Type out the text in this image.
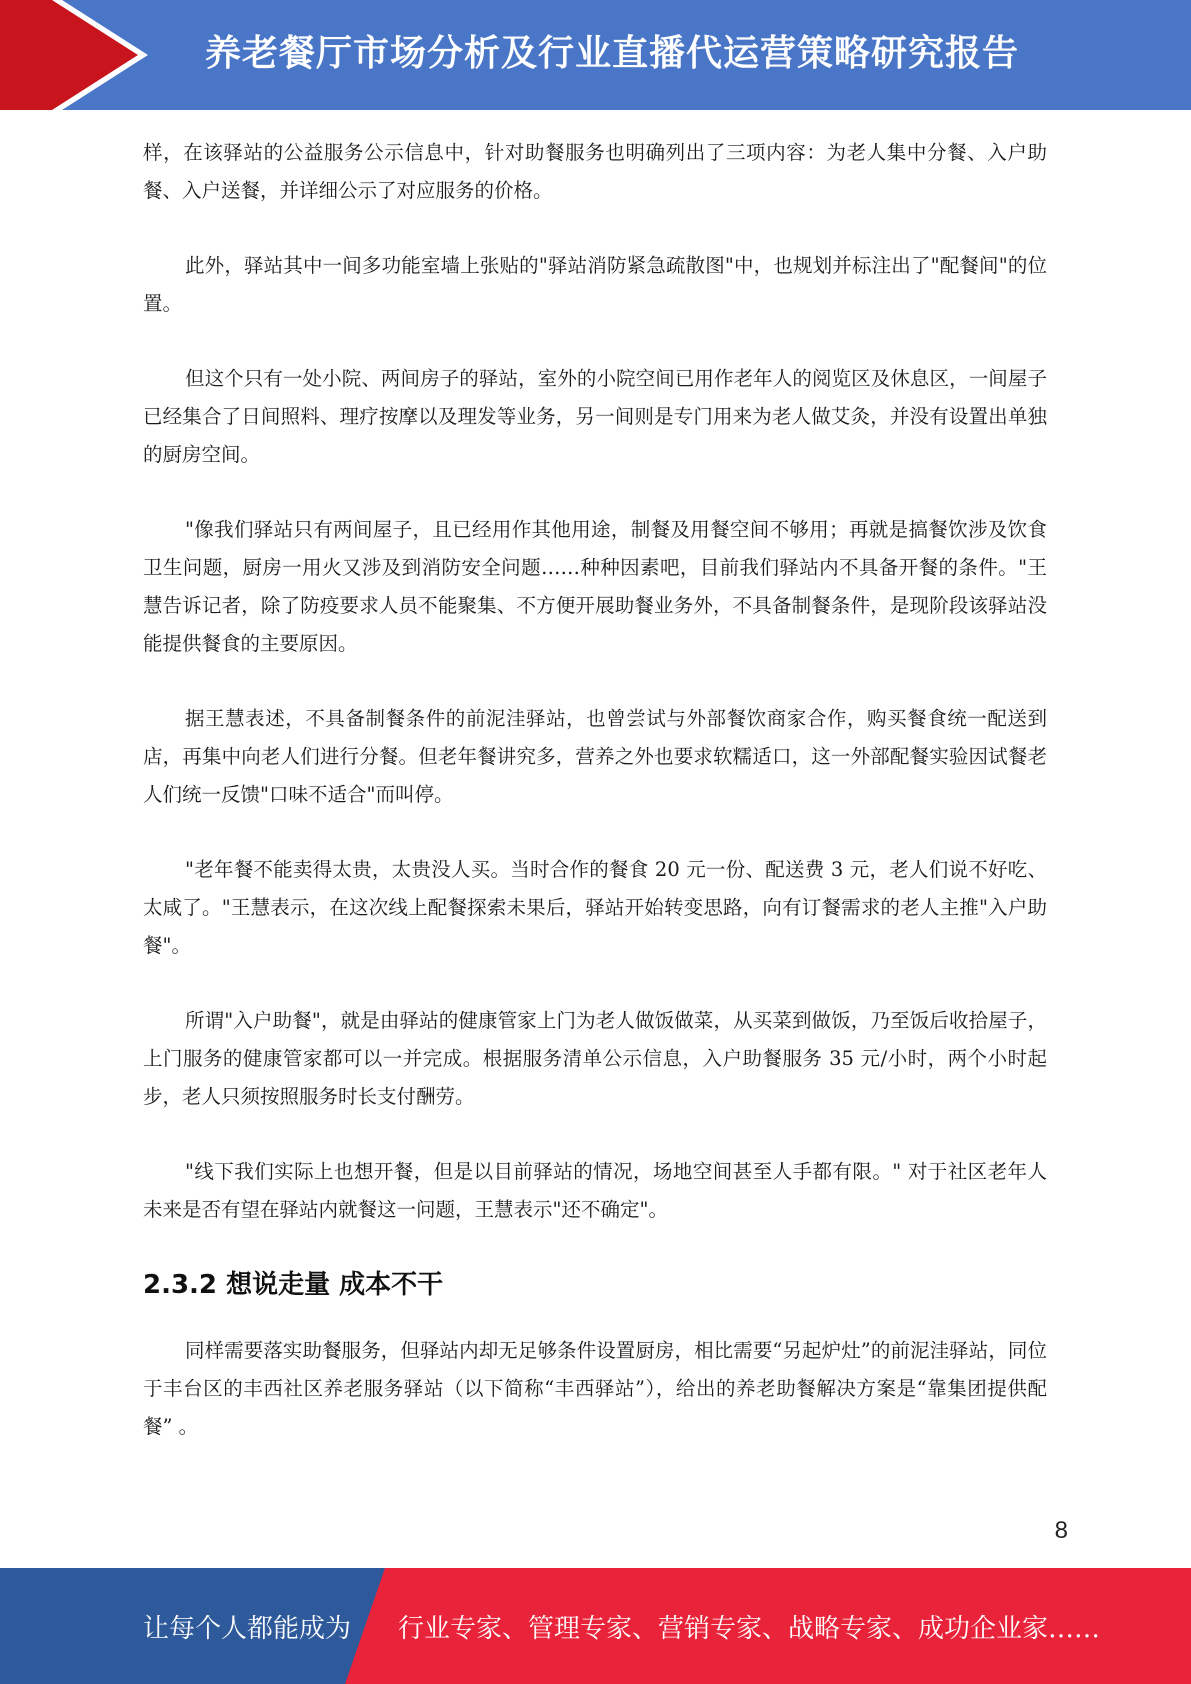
养老餐厅市场分析及行业直播代运营策略研究报告

样，在该驿站的公益服务公示信息中，针对助餐服务也明确列出了三项内容：为老人集中分餐、入户助餐、入户送餐，并详细公示了对应服务的价格。

此外，驿站其中一间多功能室墙上张贴的"驿站消防紧急疏散图"中，也规划并标注出了"配餐间"的位置。

但这个只有一处小院、两间房子的驿站，室外的小院空间已用作老年人的阅览区及休息区，一间屋子已经集合了日间照料、理疗按摩以及理发等业务，另一间则是专门用来为老人做艾灸，并没有设置出单独的厨房空间。

"像我们驿站只有两间屋子，且已经用作其他用途，制餐及用餐空间不够用；再就是搞餐饮涉及饮食卫生问题，厨房一用火又涉及到消防安全问题……种种因素吧，目前我们驿站内不具备开餐的条件。"王慧告诉记者，除了防疫要求人员不能聚集、不方便开展助餐业务外，不具备制餐条件，是现阶段该驿站没能提供餐食的主要原因。

据王慧表述，不具备制餐条件的前泥洼驿站，也曾尝试与外部餐饮商家合作，购买餐食统一配送到店，再集中向老人们进行分餐。但老年餐讲究多，营养之外也要求软糯适口，这一外部配餐实验因试餐老人们统一反馈"口味不适合"而叫停。

"老年餐不能卖得太贵，太贵没人买。当时合作的餐食 20 元一份、配送费 3 元，老人们说不好吃、太咸了。"王慧表示，在这次线上配餐探索未果后，驿站开始转变思路，向有订餐需求的老人主推"入户助餐"。

所谓"入户助餐"，就是由驿站的健康管家上门为老人做饭做菜，从买菜到做饭，乃至饭后收拾屋子，上门服务的健康管家都可以一并完成。根据服务清单公示信息，入户助餐服务 35 元/小时，两个小时起步，老人只须按照服务时长支付酬劳。

"线下我们实际上也想开餐，但是以目前驿站的情况，场地空间甚至人手都有限。" 对于社区老年人未来是否有望在驿站内就餐这一问题，王慧表示"还不确定"。

2.3.2 想说走量 成本不干

同样需要落实助餐服务，但驿站内却无足够条件设置厨房，相比需要“另起炉灶”的前泥洼驿站，同位于丰台区的丰西社区养老服务驿站（以下简称“丰西驿站”），给出的养老助餐解决方案是“靠集团提供配餐” 。

8
让每个人都能成为 行业专家、管理专家、营销专家、战略专家、成功企业家……
